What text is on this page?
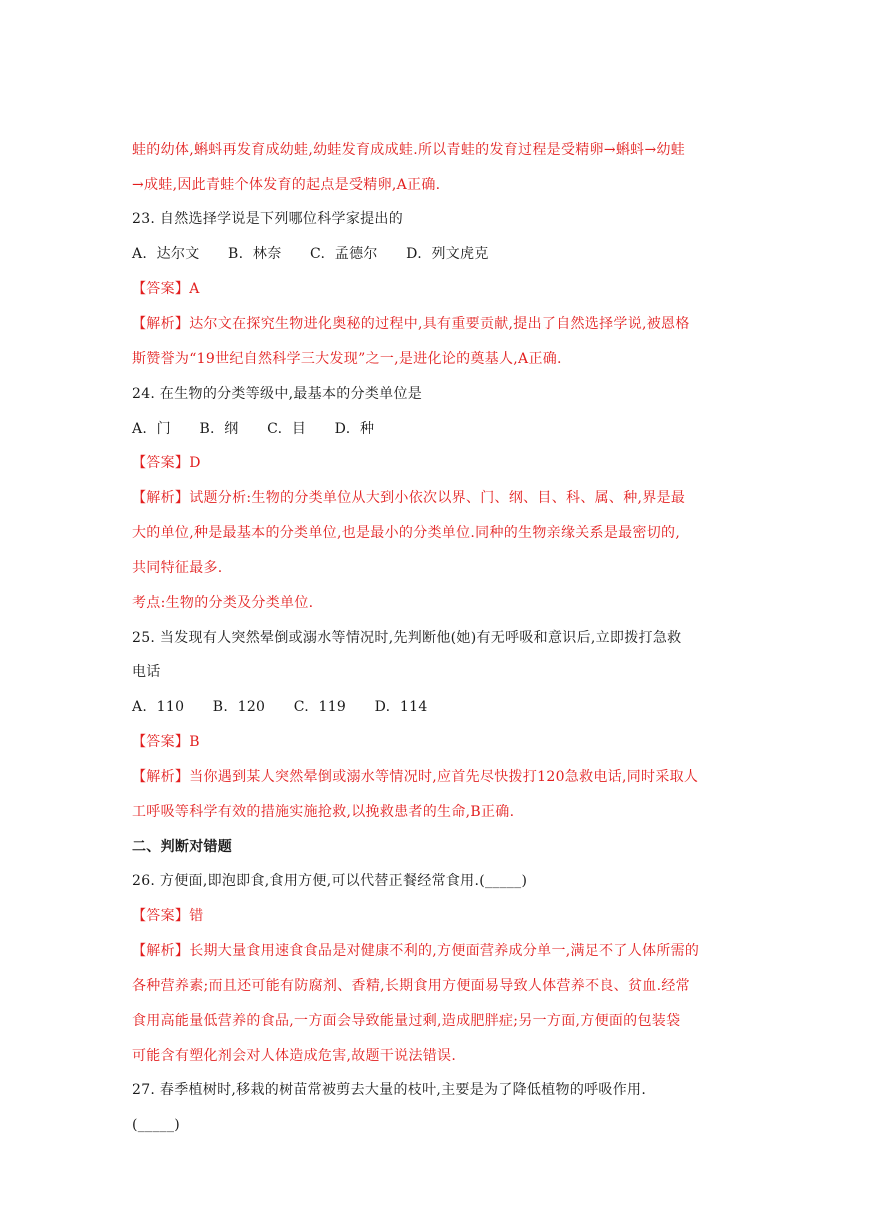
蛙的幼体,蝌蚪再发育成幼蛙,幼蛙发育成成蛙.所以青蛙的发育过程是受精卵→蝌蚪→幼蛙
→成蛙,因此青蛙个体发育的起点是受精卵,A正确.
23. 自然选择学说是下列哪位科学家提出的
A.  达尔文      B.  林奈      C.  孟德尔      D.  列文虎克
【答案】A
【解析】达尔文在探究生物进化奥秘的过程中,具有重要贡献,提出了自然选择学说,被恩格
斯赞誉为“19世纪自然科学三大发现”之一,是进化论的奠基人,A正确.
24. 在生物的分类等级中,最基本的分类单位是
A.  门      B.  纲      C.  目      D.  种
【答案】D
【解析】试题分析:生物的分类单位从大到小依次以界、门、纲、目、科、属、种,界是最
大的单位,种是最基本的分类单位,也是最小的分类单位.同种的生物亲缘关系是最密切的,
共同特征最多.
考点:生物的分类及分类单位.
25. 当发现有人突然晕倒或溺水等情况时,先判断他(她)有无呼吸和意识后,立即拨打急救
电话
A.  110      B.  120      C.  119      D.  114
【答案】B
【解析】当你遇到某人突然晕倒或溺水等情况时,应首先尽快拨打120急救电话,同时采取人
工呼吸等科学有效的措施实施抢救,以挽救患者的生命,B正确.
二、判断对错题
26. 方便面,即泡即食,食用方便,可以代替正餐经常食用.(_____)
【答案】错
【解析】长期大量食用速食食品是对健康不利的,方便面营养成分单一,满足不了人体所需的
各种营养素;而且还可能有防腐剂、香精,长期食用方便面易导致人体营养不良、贫血.经常
食用高能量低营养的食品,一方面会导致能量过剩,造成肥胖症;另一方面,方便面的包装袋
可能含有塑化剂会对人体造成危害,故题干说法错误.
27. 春季植树时,移栽的树苗常被剪去大量的枝叶,主要是为了降低植物的呼吸作用.
(_____)
